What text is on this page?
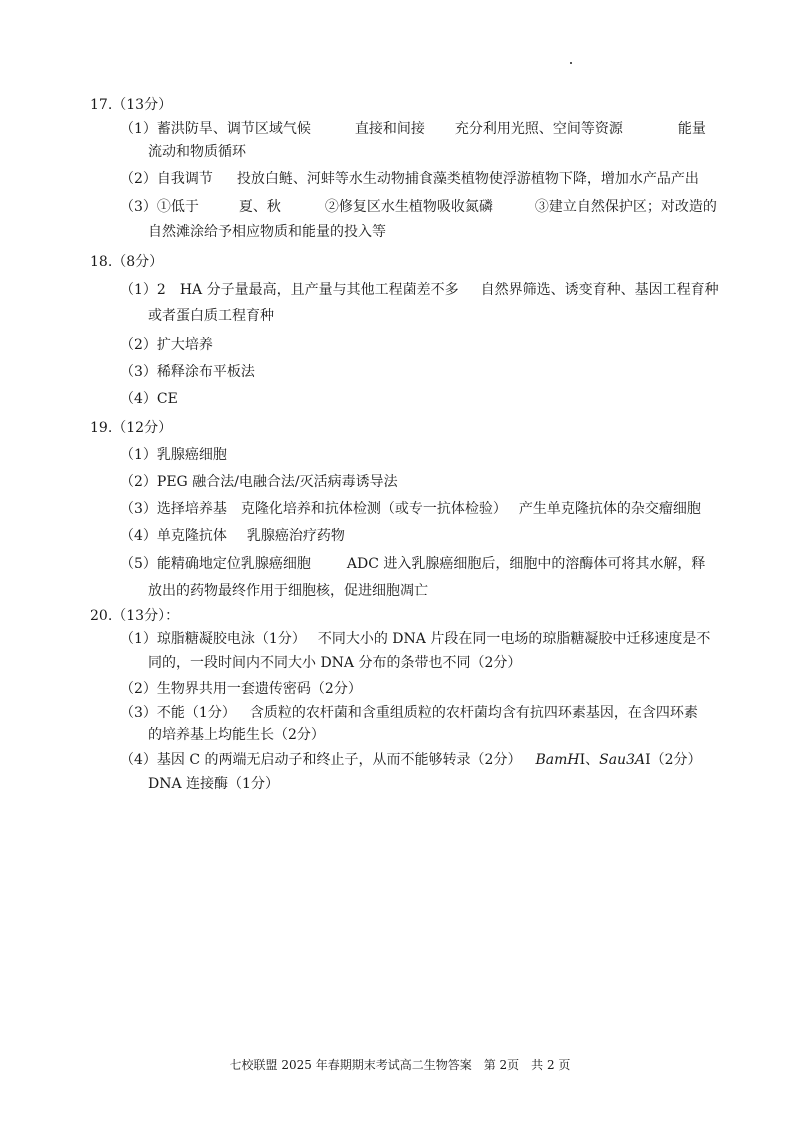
17.（13分）
（1）蓄洪防旱、调节区域气候	直接和间接 充分利用光照、空间等资源	能量
流动和物质循环
（2）自我调节 投放白鲢、河蚌等水生动物捕食藻类植物使浮游植物下降，增加水产品产出
（3）①低于	夏、秋	②修复区水生植物吸收氮磷	③建立自然保护区；对改造的
自然滩涂给予相应物质和能量的投入等
18.（8分）
（1）2　HA 分子量最高，且产量与其他工程菌差不多 自然界筛选、诱变育种、基因工程育种
或者蛋白质工程育种
（2）扩大培养
（3）稀释涂布平板法
（4）CE
19.（12分）
（1）乳腺癌细胞
（2）PEG 融合法/电融合法/灭活病毒诱导法
（3）选择培养基 克隆化培养和抗体检测（或专一抗体检验） 产生单克隆抗体的杂交瘤细胞
（4）单克隆抗体 乳腺癌治疗药物
（5）能精确地定位乳腺癌细胞	ADC 进入乳腺癌细胞后，细胞中的溶酶体可将其水解，释
放出的药物最终作用于细胞核，促进细胞凋亡
20.（13分）：
（1）琼脂糖凝胶电泳（1分） 不同大小的 DNA 片段在同一电场的琼脂糖凝胶中迁移速度是不
同的，一段时间内不同大小 DNA 分布的条带也不同（2分）
（2）生物界共用一套遗传密码（2分）
（3）不能（1分） 含质粒的农杆菌和含重组质粒的农杆菌均含有抗四环素基因，在含四环素
的培养基上均能生长（2分）
（4）基因 C 的两端无启动子和终止子，从而不能够转录（2分） BamHⅠ、Sau3AⅠ（2分）
DNA 连接酶（1分）
七校联盟 2025 年春期期末考试高二生物答案　第 2页　共 2 页
